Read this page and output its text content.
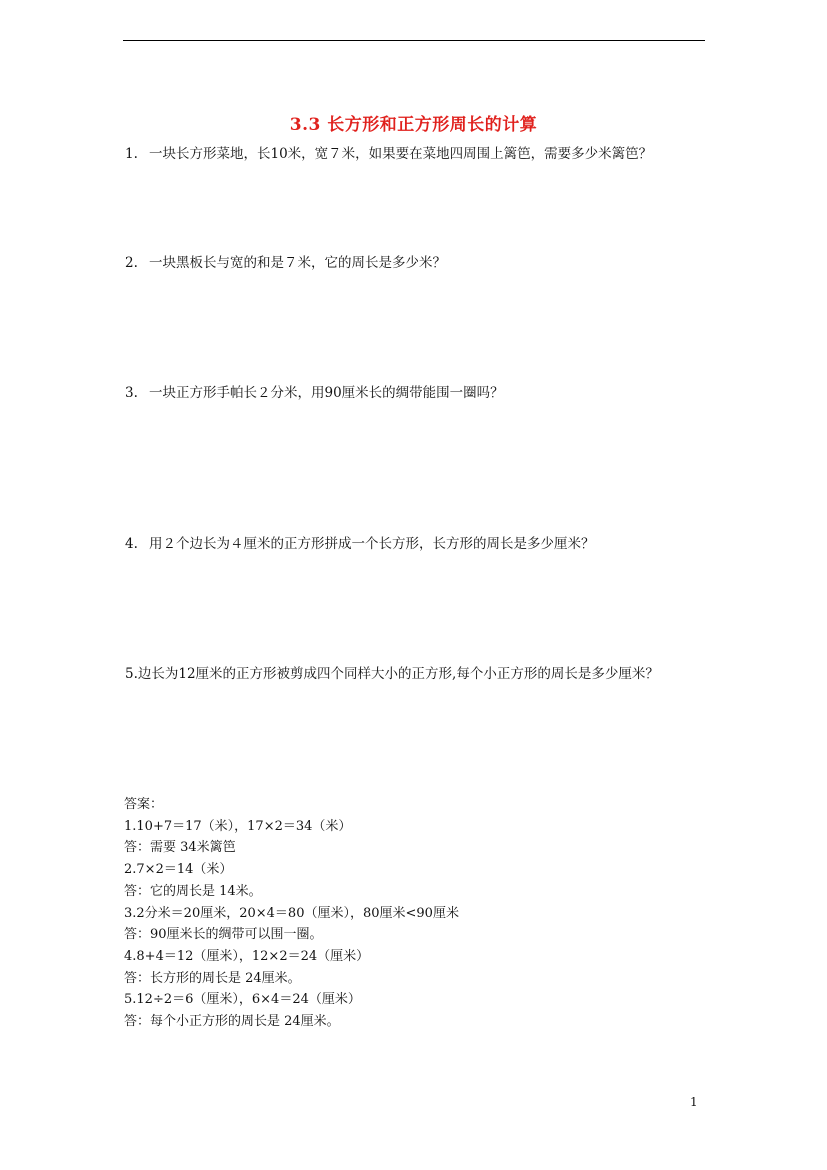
3.3 长方形和正方形周长的计算
1. 一块长方形菜地，长10米，宽７米，如果要在菜地四周围上篱笆，需要多少米篱笆？
2. 一块黑板长与宽的和是７米，它的周长是多少米？
3. 一块正方形手帕长２分米，用90厘米长的绸带能围一圈吗？
4. 用２个边长为４厘米的正方形拼成一个长方形，长方形的周长是多少厘米？
5.边长为12厘米的正方形被剪成四个同样大小的正方形,每个小正方形的周长是多少厘米？
答案：
1.10+7＝17（米），17×2＝34（米）
答：需要 34米篱笆
2.7×2＝14（米）
答：它的周长是 14米。
3.2分米＝20厘米，20×4＝80（厘米），80厘米<90厘米
答：90厘米长的绸带可以围一圈。
4.8+4＝12（厘米），12×2＝24（厘米）
答：长方形的周长是 24厘米。
5.12÷2＝6（厘米），6×4＝24（厘米）
答：每个小正方形的周长是 24厘米。
1
